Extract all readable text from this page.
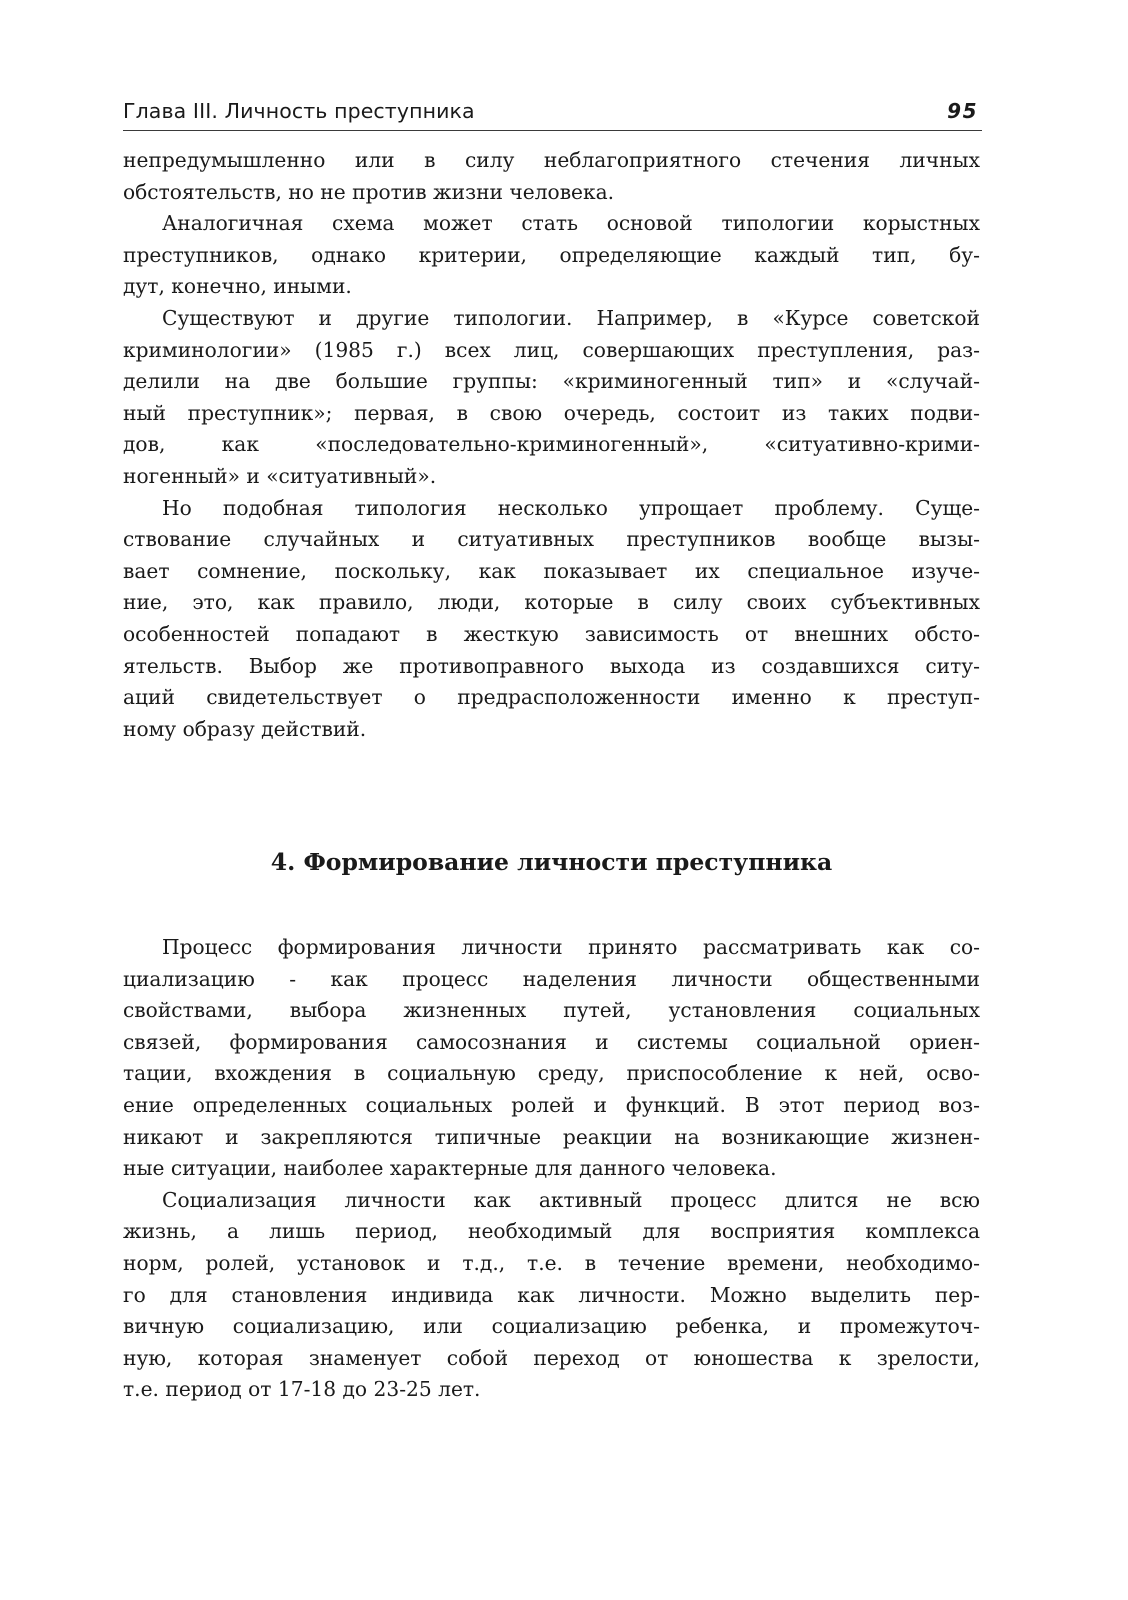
Глава III. Личность преступника	95
непредумышленно или в силу неблагоприятного стечения личных
обстоятельств, но не против жизни человека.
Аналогичная схема может стать основой типологии корыстных
преступников, однако критерии, определяющие каждый тип, бу-
дут, конечно, иными.
Существуют и другие типологии. Например, в «Курсе советской
криминологии» (1985 г.) всех лиц, совершающих преступления, раз-
делили на две большие группы: «криминогенный тип» и «случай-
ный преступник»; первая, в свою очередь, состоит из таких подви-
дов, как «последовательно-криминогенный», «ситуативно-крими-
ногенный» и «ситуативный».
Но подобная типология несколько упрощает проблему. Суще-
ствование случайных и ситуативных преступников вообще вызы-
вает сомнение, поскольку, как показывает их специальное изуче-
ние, это, как правило, люди, которые в силу своих субъективных
особенностей попадают в жесткую зависимость от внешних обсто-
ятельств. Выбор же противоправного выхода из создавшихся ситу-
аций свидетельствует о предрасположенности именно к преступ-
ному образу действий.
4. Формирование личности преступника
Процесс формирования личности принято рассматривать как со-
циализацию - как процесс наделения личности общественными
свойствами, выбора жизненных путей, установления социальных
связей, формирования самосознания и системы социальной ориен-
тации, вхождения в социальную среду, приспособление к ней, осво-
ение определенных социальных ролей и функций. В этот период воз-
никают и закрепляются типичные реакции на возникающие жизнен-
ные ситуации, наиболее характерные для данного человека.
Социализация личности как активный процесс длится не всю
жизнь, а лишь период, необходимый для восприятия комплекса
норм, ролей, установок и т.д., т.е. в течение времени, необходимо-
го для становления индивида как личности. Можно выделить пер-
вичную социализацию, или социализацию ребенка, и промежуточ-
ную, которая знаменует собой переход от юношества к зрелости,
т.е. период от 17-18 до 23-25 лет.
